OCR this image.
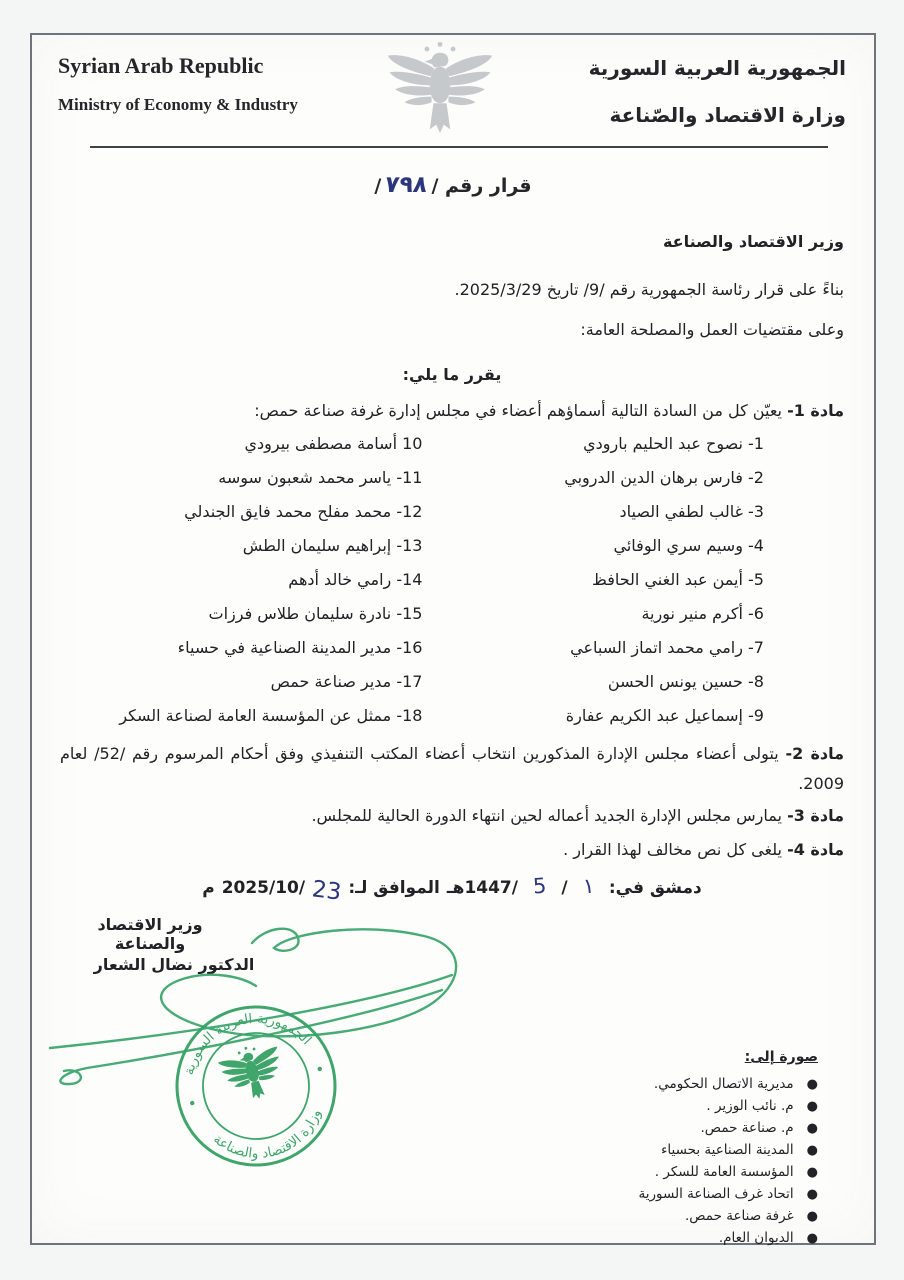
Syrian Arab Republic
Ministry of Economy & Industry
الجمهورية العربية السورية
وزارة الاقتصاد والصّناعة
قرار رقم /
٧٩٨
/

وزير الاقتصاد والصناعة

بناءً على قرار رئاسة الجمهورية رقم /9/ تاريخ 2025/3/29.

وعلى مقتضيات العمل والمصلحة العامة:

يقرر ما يلي:

مادة 1- يعيّن كل من السادة التالية أسماؤهم أعضاء في مجلس إدارة غرفة صناعة حمص:

10 أسامة مصطفى بيرودي
11- ياسر محمد شعبون سوسه
12- محمد مفلح محمد فايق الجندلي
13- إبراهيم سليمان الطش
14- رامي خالد أدهم
15- نادرة سليمان طلاس فرزات
16- مدير المدينة الصناعية في حسياء
17- مدير صناعة حمص
18- ممثل عن المؤسسة العامة لصناعة السكر
1- نصوح عبد الحليم بارودي
2- فارس برهان الدين الدروبي
3- غالب لطفي الصياد
4- وسيم سري الوفائي
5- أيمن عبد الغني الحافظ
6- أكرم منير نورية
7- رامي محمد اتماز السباعي
8- حسين يونس الحسن
9- إسماعيل عبد الكريم عفارة

مادة 2- يتولى أعضاء مجلس الإدارة المذكورين انتخاب أعضاء المكتب التنفيذي وفق أحكام المرسوم رقم /52/ لعام 2009.

مادة 3- يمارس مجلس الإدارة الجديد أعماله لحين انتهاء الدورة الحالية للمجلس.

مادة 4- يلغى كل نص مخالف لهذا القرار .

م 2025/10/ 23 الموافق لـ: /1447هـ 5 / ١ دمشق في:
وزير الاقتصاد والصناعة
الدكتور نضال الشعار
الجمهورية العربية السورية
وزارة الاقتصاد والصناعة
صورة إلى:
●
مديرية الاتصال الحكومي.
●
م. نائب الوزير .
●
م. صناعة حمص.
●
المدينة الصناعية بحسياء
●
المؤسسة العامة للسكر .
●
اتحاد غرف الصناعة السورية
●
غرفة صناعة حمص.
●
الديوان العام.
